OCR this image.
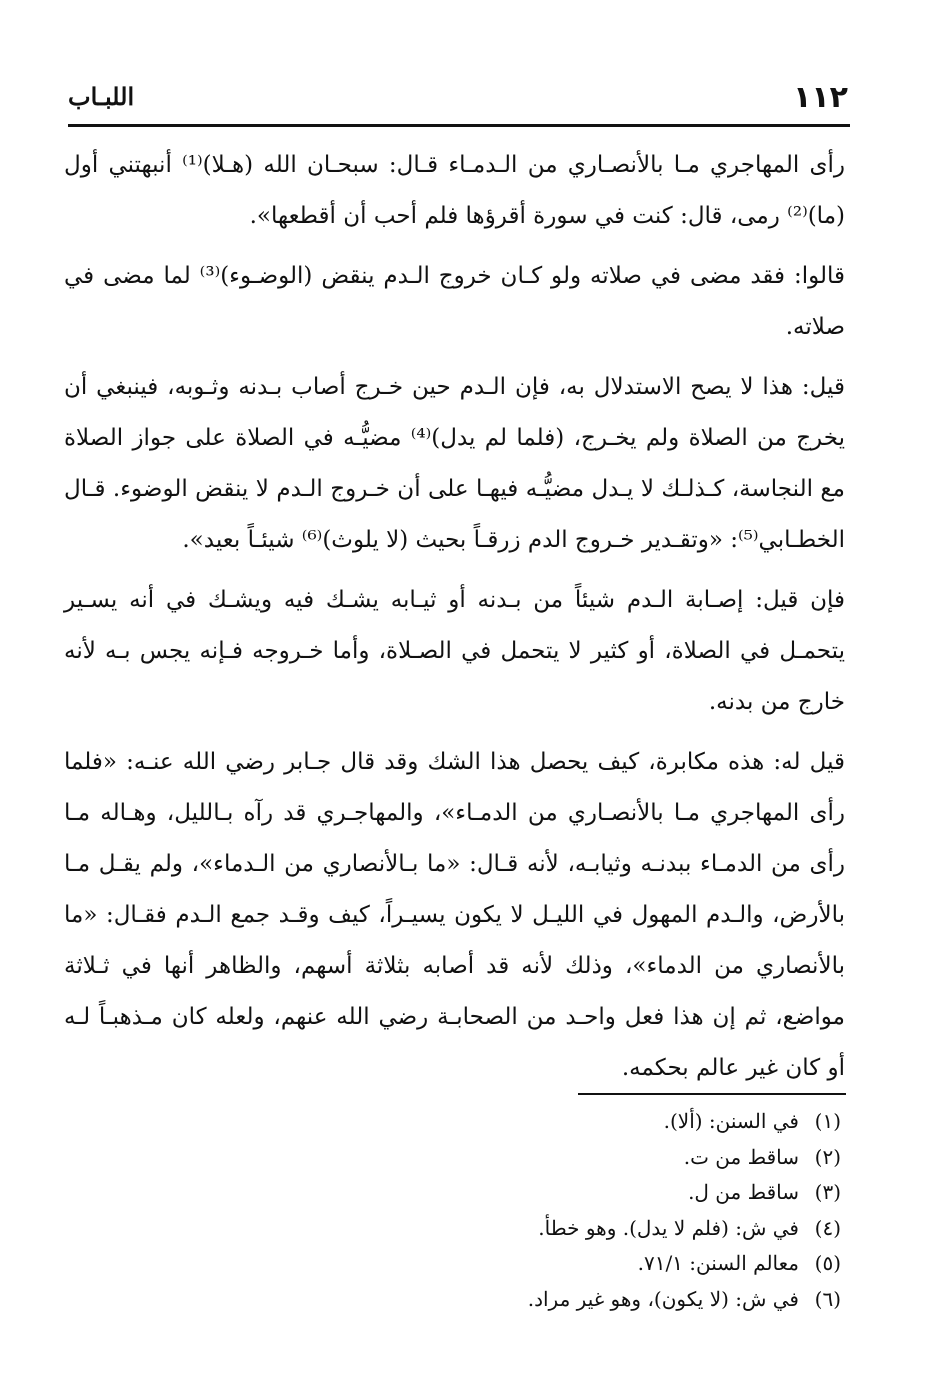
١١٢
اللبـاب

رأى المهاجري مـا بالأنصـاري من الـدمـاء قـال: سبحـان الله (هـلا)⁽¹⁾ أنبهتني أول (ما)⁽²⁾ رمى، قال: كنت في سورة أقرؤها فلم أحب أن أقطعها».

قالوا: فقد مضى في صلاته ولو كـان خروج الـدم ينقض (الوضـوء)⁽³⁾ لما مضى في صلاته.

قيل: هذا لا يصح الاستدلال به، فإن الـدم حين خـرج أصاب بـدنه وثـوبه، فينبغي أن يخرج من الصلاة ولم يخـرج، (فلما لم يدل)⁽⁴⁾ مضيُّـه في الصلاة على جواز الصلاة مع النجاسة، كـذلـك لا يـدل مضيُّـه فيهـا على أن خـروج الـدم لا ينقض الوضوء. قـال الخطـابي⁽⁵⁾: «وتقـدير خـروج الدم زرقـاً بحيث (لا يلوث)⁽⁶⁾ شيئـاً بعيد».

فإن قيل: إصـابة الـدم شيئاً من بـدنه أو ثيـابه يشـك فيه ويشـك في أنه يسـير يتحمـل في الصلاة، أو كثير لا يتحمل في الصـلاة، وأما خـروجه فـإنه يجس بـه لأنه خارج من بدنه.

قيل له: هذه مكابرة، كيف يحصل هذا الشك وقد قال جـابر رضي الله عنـه: «فلما رأى المهاجري مـا بالأنصـاري من الدمـاء»، والمهاجـري قد رآه بـالليل، وهـاله مـا رأى من الدمـاء ببدنـه وثيابـه، لأنه قـال: «ما بـالأنصاري من الـدماء»، ولم يقـل مـا بالأرض، والـدم المهول في الليـل لا يكون يسيـراً، كيف وقـد جمع الـدم فقـال: «ما بالأنصاري من الدماء»، وذلك لأنه قد أصابه بثلاثة أسهم، والظاهر أنها في ثـلاثة مواضع، ثم إن هذا فعل واحـد من الصحابـة رضي الله عنهم، ولعله كان مـذهبـاً لـه أو كان غير عالم بحكمه.

(١)
في السنن: (ألا).
(٢)
ساقط من ت.
(٣)
ساقط من ل.
(٤)
في ش: (فلم لا يدل). وهو خطأ.
(٥)
معالم السنن: ٧١/١.
(٦)
في ش: (لا يكون)، وهو غير مراد.
